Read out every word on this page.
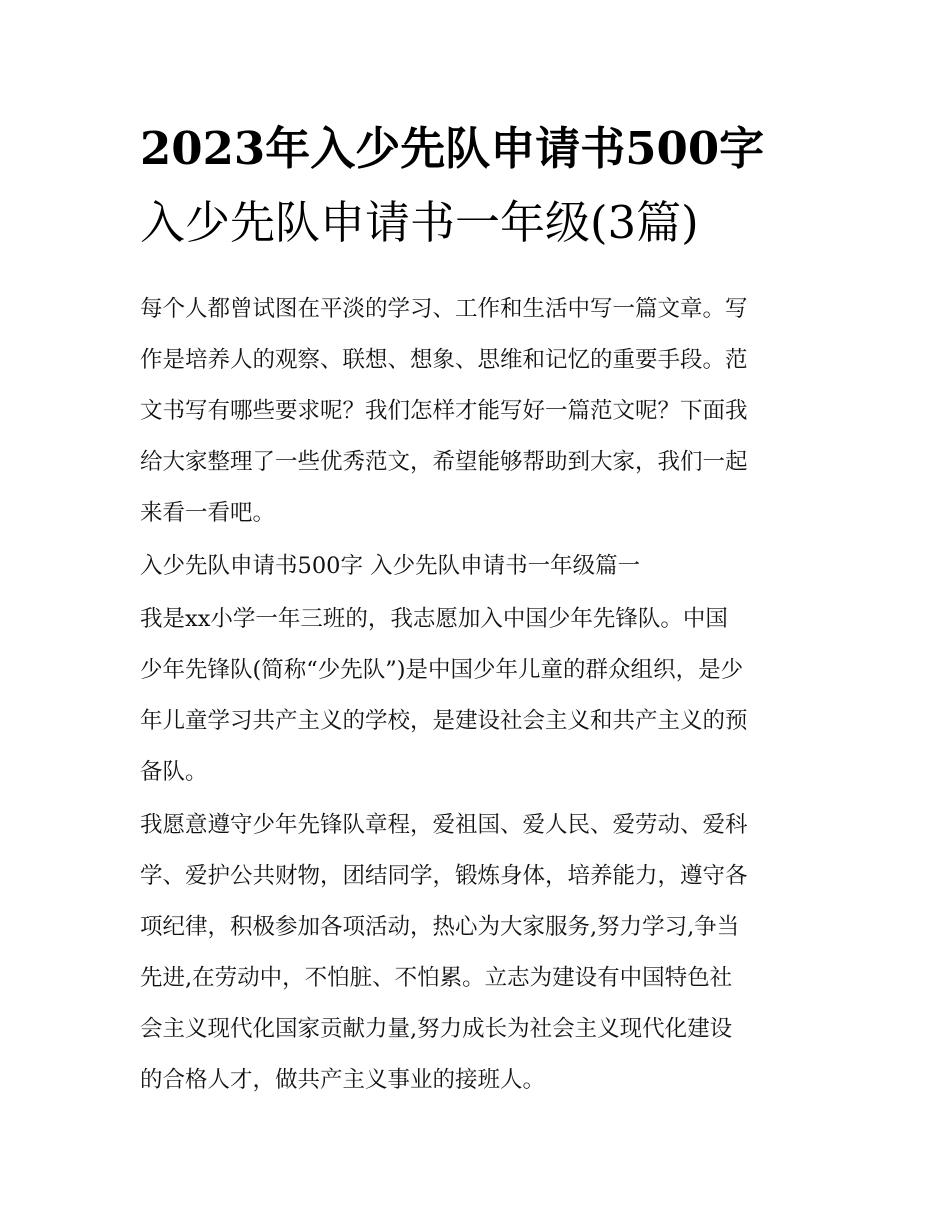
2023年入少先队申请书500字
入少先队申请书一年级(3篇)

每个人都曾试图在平淡的学习、工作和生活中写一篇文章。写
作是培养人的观察、联想、想象、思维和记忆的重要手段。范
文书写有哪些要求呢？我们怎样才能写好一篇范文呢？下面我
给大家整理了一些优秀范文，希望能够帮助到大家，我们一起
来看一看吧。

入少先队申请书500字 入少先队申请书一年级篇一

我是xx小学一年三班的，我志愿加入中国少年先锋队。中国
少年先锋队(简称“少先队”)是中国少年儿童的群众组织，是少
年儿童学习共产主义的学校，是建设社会主义和共产主义的预
备队。

我愿意遵守少年先锋队章程，爱祖国、爱人民、爱劳动、爱科
学、爱护公共财物，团结同学，锻炼身体，培养能力，遵守各
项纪律，积极参加各项活动，热心为大家服务,努力学习,争当
先进,在劳动中，不怕脏、不怕累。立志为建设有中国特色社
会主义现代化国家贡献力量,努力成长为社会主义现代化建设
的合格人才，做共产主义事业的接班人。
